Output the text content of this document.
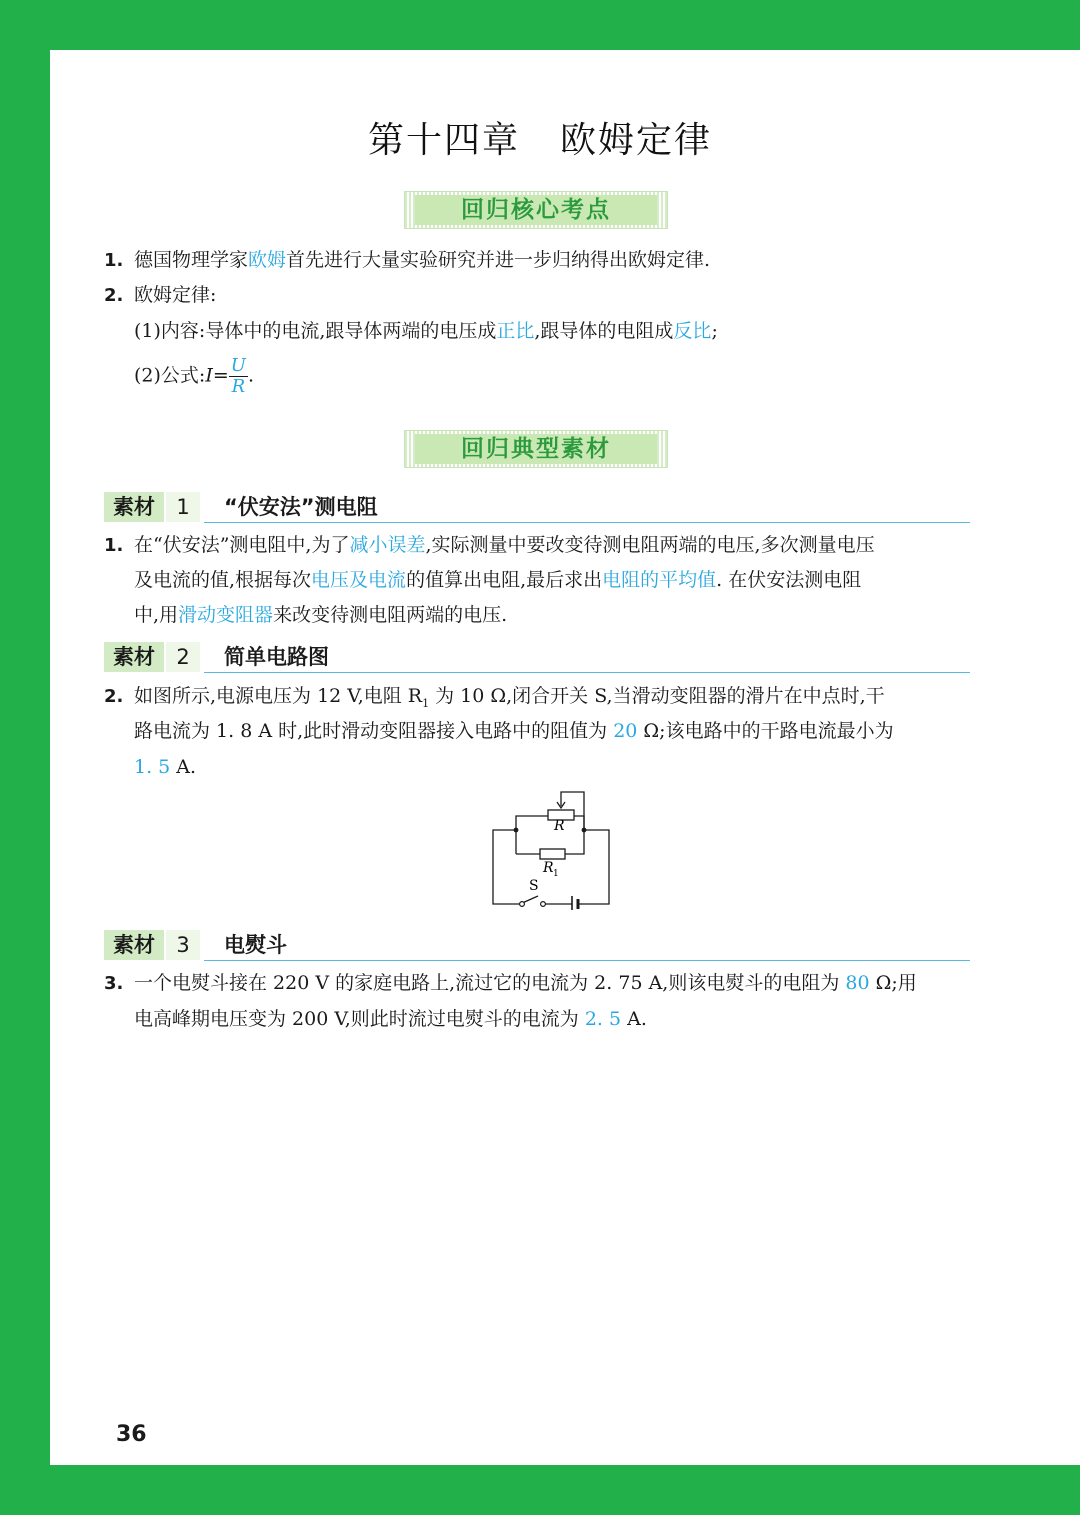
第十四章 欧姆定律
回归核心考点
1. 德国物理学家欧姆首先进行大量实验研究并进一步归纳得出欧姆定律.
2. 欧姆定律:
(1)内容:导体中的电流,跟导体两端的电压成正比,跟导体的电阻成反比;
(2)公式:I= $\frac{U}{R}$ .
回归典型素材
素材	1	“伏安法”测电阻
1. 在“伏安法”测电阻中,为了减小误差,实际测量中要改变待测电阻两端的电压,多次测量电压
及电流的值,根据每次电压及电流的值算出电阻,最后求出电阻的平均值. 在伏安法测电阻
中,用滑动变阻器来改变待测电阻两端的电压.
素材	2	简单电路图
2. 如图所示,电源电压为 12 V,电阻 $R_1$ 为 10 Ω,闭合开关 S,当滑动变阻器的滑片在中点时,干
路电流为 1. 8 A 时,此时滑动变阻器接入电路中的阻值为 20 Ω;该电路中的干路电流最小为
1. 5 A.
R
R 1
S
素材	3	电熨斗
3. 一个电熨斗接在 220 V 的家庭电路上,流过它的电流为 2. 75 A,则该电熨斗的电阻为 80 Ω;用
电高峰期电压变为 200 V,则此时流过电熨斗的电流为 2. 5 A.
36
